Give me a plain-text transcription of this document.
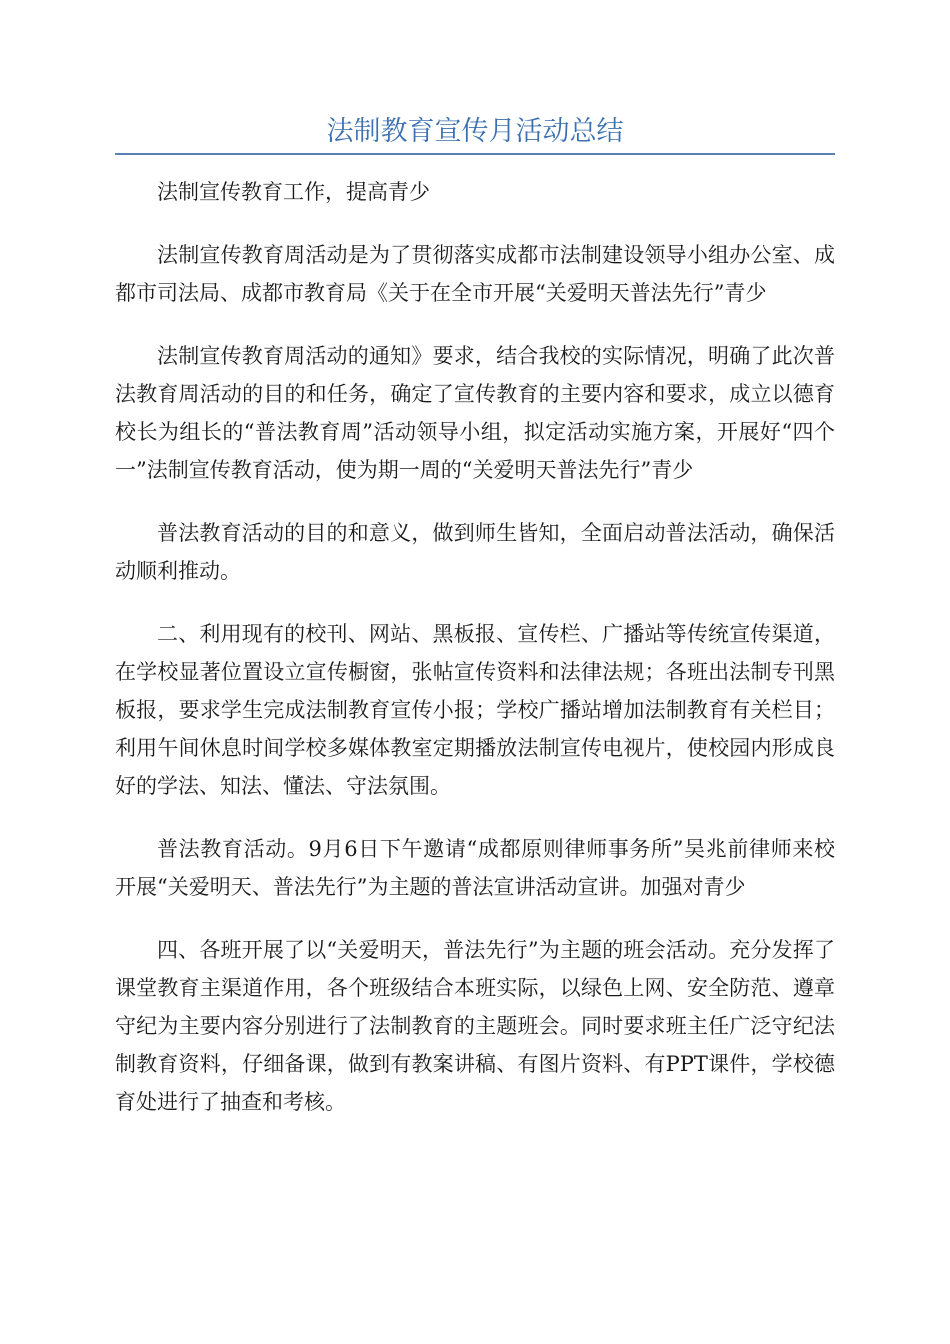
法制教育宣传月活动总结

法制宣传教育工作，提高青少

法制宣传教育周活动是为了贯彻落实成都市法制建设领导小组办公室、成都市司法局、成都市教育局《关于在全市开展“关爱明天普法先行”青少

法制宣传教育周活动的通知》要求，结合我校的实际情况，明确了此次普法教育周活动的目的和任务，确定了宣传教育的主要内容和要求，成立以德育校长为组长的“普法教育周”活动领导小组，拟定活动实施方案，开展好“四个一”法制宣传教育活动，使为期一周的“关爱明天普法先行”青少

普法教育活动的目的和意义，做到师生皆知，全面启动普法活动，确保活动顺利推动。

二、利用现有的校刊、网站、黑板报、宣传栏、广播站等传统宣传渠道，在学校显著位置设立宣传橱窗，张帖宣传资料和法律法规；各班出法制专刊黑板报，要求学生完成法制教育宣传小报；学校广播站增加法制教育有关栏目；利用午间休息时间学校多媒体教室定期播放法制宣传电视片，使校园内形成良好的学法、知法、懂法、守法氛围。

普法教育活动。9月6日下午邀请“成都原则律师事务所”吴兆前律师来校开展“关爱明天、普法先行”为主题的普法宣讲活动宣讲。加强对青少

四、各班开展了以“关爱明天，普法先行”为主题的班会活动。充分发挥了课堂教育主渠道作用，各个班级结合本班实际，以绿色上网、安全防范、遵章守纪为主要内容分别进行了法制教育的主题班会。同时要求班主任广泛守纪法制教育资料，仔细备课，做到有教案讲稿、有图片资料、有PPT课件，学校德育处进行了抽查和考核。
